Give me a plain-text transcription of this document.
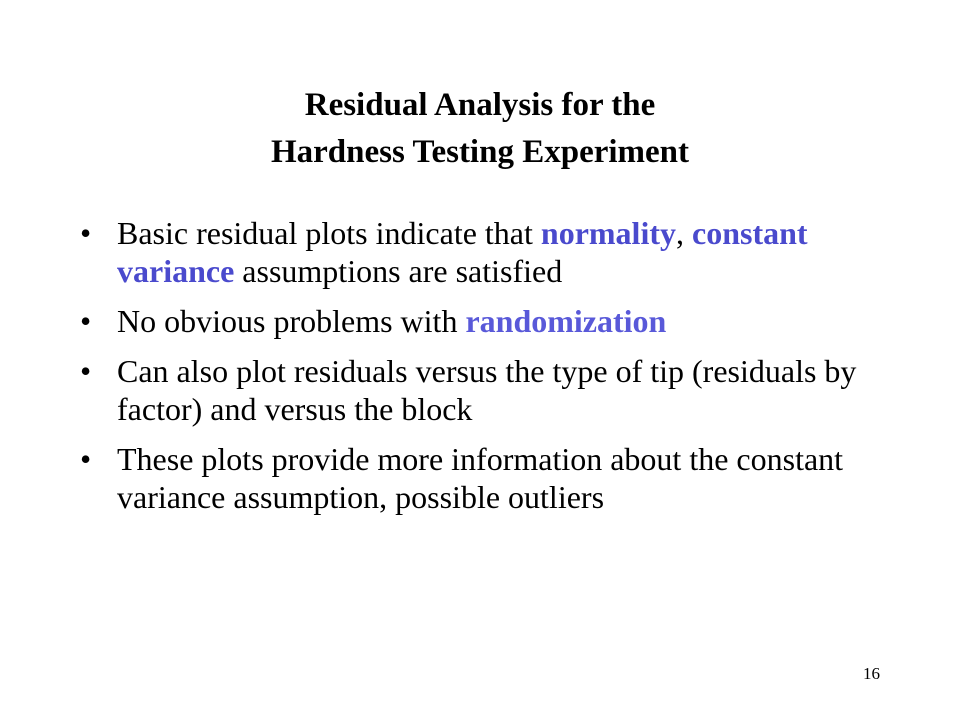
Residual Analysis for the
Hardness Testing Experiment
• Basic residual plots indicate that normality, constant variance assumptions are satisfied
• No obvious problems with randomization
• Can also plot residuals versus the type of tip (residuals by factor) and versus the block
• These plots provide more information about the constant variance assumption, possible outliers
16
